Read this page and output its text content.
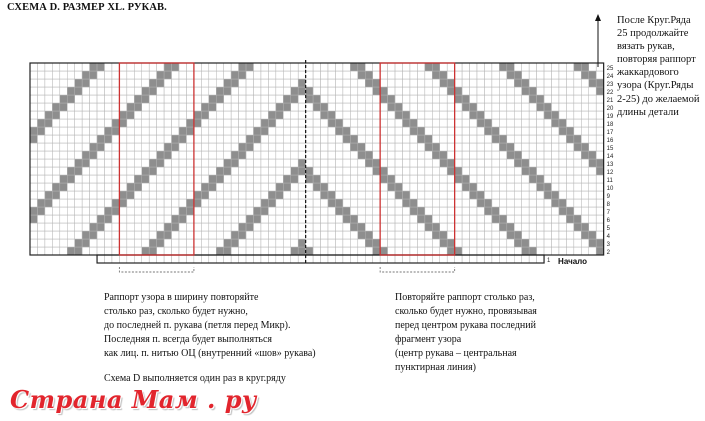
СХЕМА D. РАЗМЕР XL. РУКАВ.
1
2
3
4
5
6
7
8
9
10
11
12
13
14
15
16
17
18
19
20
21
22
23
24
25
Начало
После Круг.Ряда 25 продолжайте вязать рукав, повторяя раппорт жаккардового узора (Круг.Ряды 2-25) до желаемой длины детали
Раппорт узора в ширину повторяйте
столько раз, сколько будет нужно,
до последней п. рукава (петля перед Микр).
Последняя п. всегда будет выполняться
как лиц. п. нитью ОЦ (внутренний «шов» рукава)
Схема D выполняется один раз в круг.ряду
Повторяйте раппорт столько раз,
сколько будет нужно, провязывая
перед центром рукава последний
фрагмент узора
(центр рукава – центральная
пунктирная линия)
Страна Мам . ру
